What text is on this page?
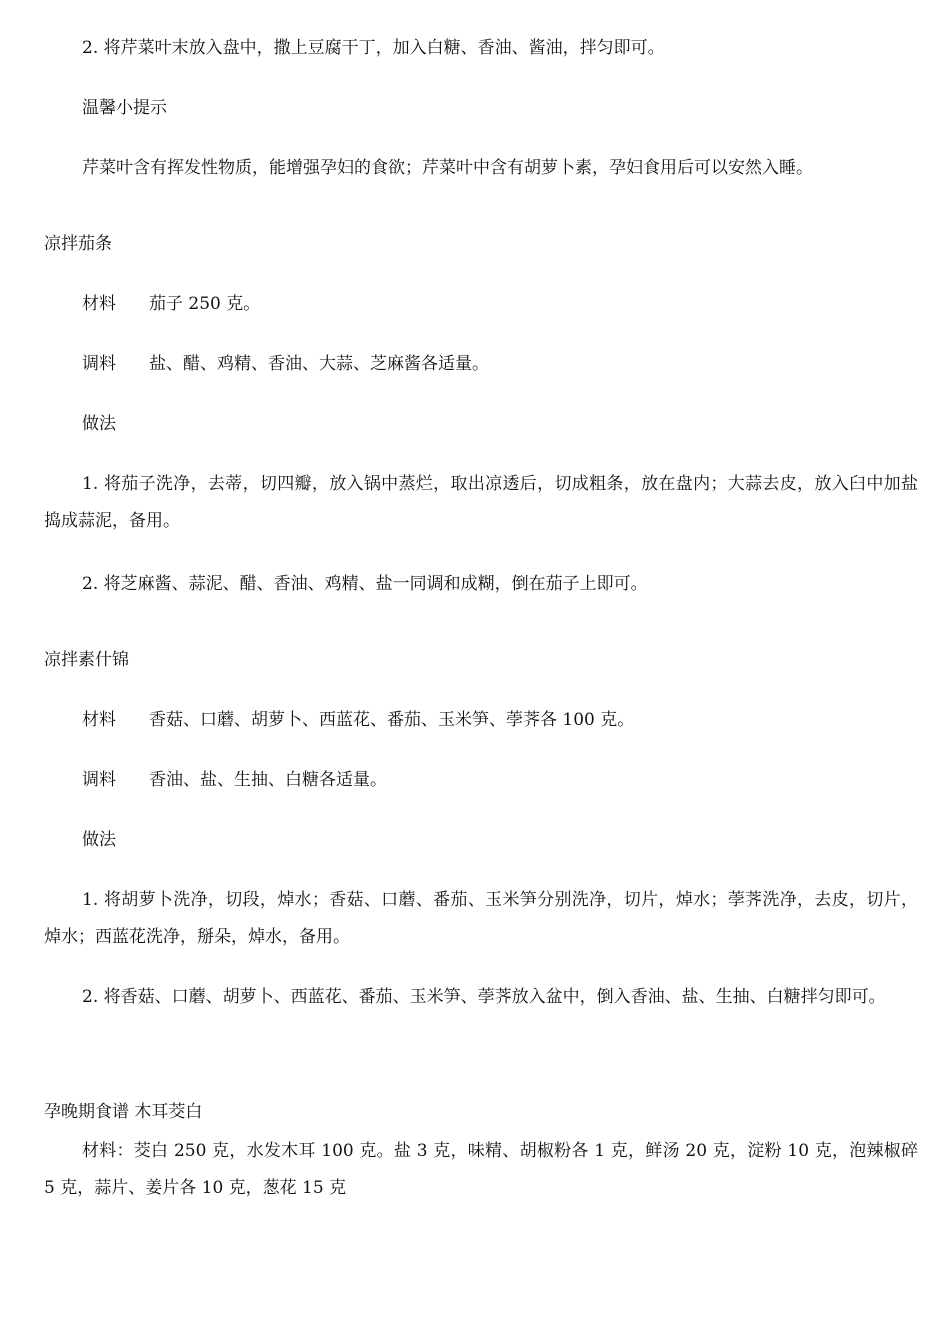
2. 将芹菜叶末放入盘中，撒上豆腐干丁，加入白糖、香油、酱油，拌匀即可。
温馨小提示
芹菜叶含有挥发性物质，能增强孕妇的食欲；芹菜叶中含有胡萝卜素，孕妇食用后可以安然入睡。
凉拌茄条
材料 茄子 250 克。
调料 盐、醋、鸡精、香油、大蒜、芝麻酱各适量。
做法
1. 将茄子洗净，去蒂，切四瓣，放入锅中蒸烂，取出凉透后，切成粗条，放在盘内；大蒜去皮，放入臼中加盐捣成蒜泥，备用。
2. 将芝麻酱、蒜泥、醋、香油、鸡精、盐一同调和成糊，倒在茄子上即可。
凉拌素什锦
材料 香菇、口蘑、胡萝卜、西蓝花、番茄、玉米笋、荸荠各 100 克。
调料 香油、盐、生抽、白糖各适量。
做法
1. 将胡萝卜洗净，切段，焯水；香菇、口蘑、番茄、玉米笋分别洗净，切片，焯水；荸荠洗净，去皮，切片，焯水；西蓝花洗净，掰朵，焯水，备用。
2. 将香菇、口蘑、胡萝卜、西蓝花、番茄、玉米笋、荸荠放入盆中，倒入香油、盐、生抽、白糖拌匀即可。
孕晚期食谱 木耳茭白
材料：茭白 250 克，水发木耳 100 克。盐 3 克，味精、胡椒粉各 1 克，鲜汤 20 克，淀粉 10 克，泡辣椒碎 5 克，蒜片、姜片各 10 克，葱花 15 克
